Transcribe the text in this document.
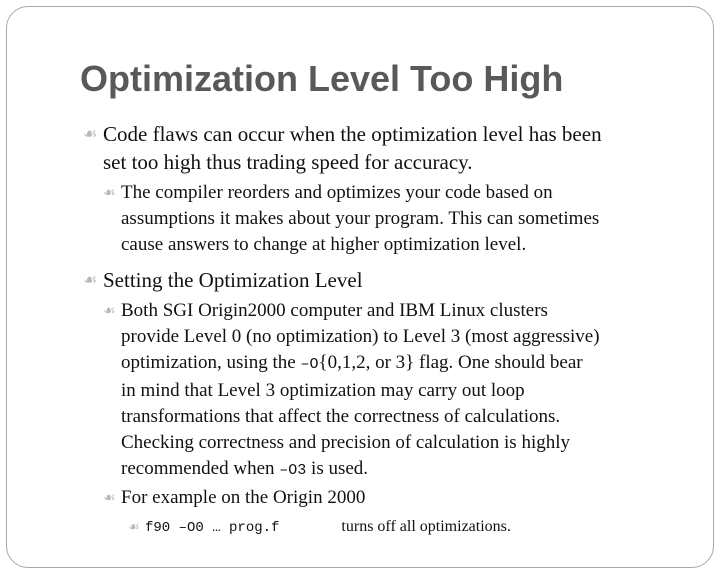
Optimization Level Too High
☙ Code flaws can occur when the optimization level has been
set too high thus trading speed for accuracy.
☙ The compiler reorders and optimizes your code based on
assumptions it makes about your program. This can sometimes
cause answers to change at higher optimization level.
☙ Setting the Optimization Level
☙ Both SGI Origin2000 computer and IBM Linux clusters
provide Level 0 (no optimization) to Level 3 (most aggressive)
optimization, using the –O{0,1,2, or 3} flag. One should bear
in mind that Level 3 optimization may carry out loop
transformations that affect the correctness of calculations.
Checking correctness and precision of calculation is highly
recommended when –O3 is used.
☙ For example on the Origin 2000
☙ f90 –O0 … prog.f	turns off all optimizations.
